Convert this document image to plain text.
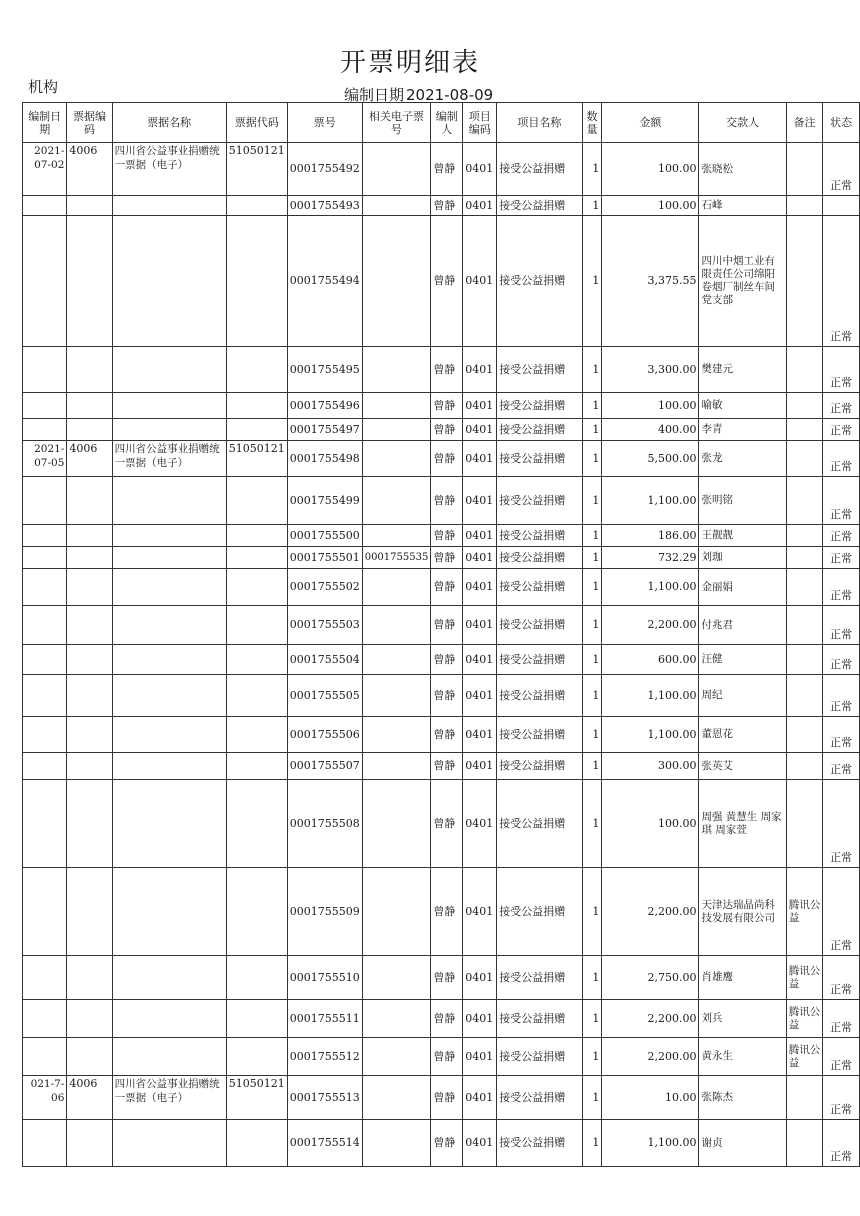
开票明细表
机构	编制日期 2021-08-09
编制日期	票据编码	票据名称	票据代码	票号	相关电子票号	编制人	项目编码	项目名称	数量	金额	交款人	备注	状态
2021-07-02	4006	四川省公益事业捐赠统一票据（电子）	51050121	0001755492		曾静	0401	接受公益捐赠	1	100.00	张晓松		正常
				0001755493		曾静	0401	接受公益捐赠	1	100.00	石峰		
				0001755494		曾静	0401	接受公益捐赠	1	3,375.55	四川中烟工业有限责任公司绵阳卷烟厂制丝车间党支部		正常
				0001755495		曾静	0401	接受公益捐赠	1	3,300.00	樊建元		正常
				0001755496		曾静	0401	接受公益捐赠	1	100.00	喻敏		正常
				0001755497		曾静	0401	接受公益捐赠	1	400.00	李青		正常
2021-07-05	4006	四川省公益事业捐赠统一票据（电子）	51050121	0001755498		曾静	0401	接受公益捐赠	1	5,500.00	张龙		正常
				0001755499		曾静	0401	接受公益捐赠	1	1,100.00	张明铭		正常
				0001755500		曾静	0401	接受公益捐赠	1	186.00	王靓靓		正常
				0001755501	0001755535	曾静	0401	接受公益捐赠	1	732.29	刘珈		正常
				0001755502		曾静	0401	接受公益捐赠	1	1,100.00	金丽娟		正常
				0001755503		曾静	0401	接受公益捐赠	1	2,200.00	付兆君		正常
				0001755504		曾静	0401	接受公益捐赠	1	600.00	汪健		正常
				0001755505		曾静	0401	接受公益捐赠	1	1,100.00	周纪		正常
				0001755506		曾静	0401	接受公益捐赠	1	1,100.00	董恩花		正常
				0001755507		曾静	0401	接受公益捐赠	1	300.00	张英艾		正常
				0001755508		曾静	0401	接受公益捐赠	1	100.00	周强 黄慧生 周家琪 周家萱		正常
				0001755509		曾静	0401	接受公益捐赠	1	2,200.00	天津达瑞晶尚科技发展有限公司	腾讯公益	正常
				0001755510		曾静	0401	接受公益捐赠	1	2,750.00	肖雄鹰	腾讯公益	正常
				0001755511		曾静	0401	接受公益捐赠	1	2,200.00	刘兵	腾讯公益	正常
				0001755512		曾静	0401	接受公益捐赠	1	2,200.00	黄永生	腾讯公益	正常
021-7-06	4006	四川省公益事业捐赠统一票据（电子）	51050121	0001755513		曾静	0401	接受公益捐赠	1	10.00	张陈杰		正常
				0001755514		曾静	0401	接受公益捐赠	1	1,100.00	谢贞		正常
